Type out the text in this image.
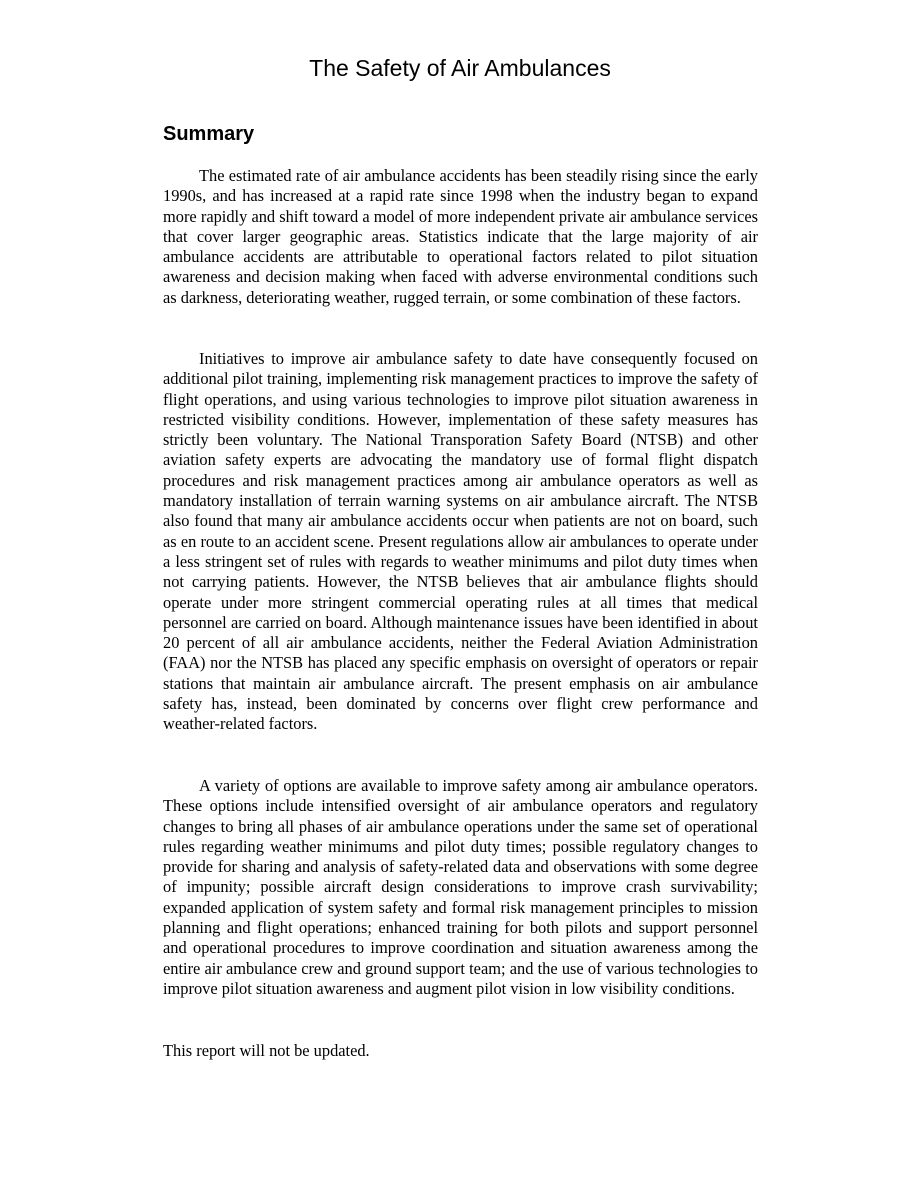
The Safety of Air Ambulances
Summary

The estimated rate of air ambulance accidents has been steadily rising since the early 1990s, and has increased at a rapid rate since 1998 when the industry began to expand more rapidly and shift toward a model of more independent private air ambulance services that cover larger geographic areas. Statistics indicate that the large majority of air ambulance accidents are attributable to operational factors related to pilot situation awareness and decision making when faced with adverse environmental conditions such as darkness, deteriorating weather, rugged terrain, or some combination of these factors.

Initiatives to improve air ambulance safety to date have consequently focused on additional pilot training, implementing risk management practices to improve the safety of flight operations, and using various technologies to improve pilot situation awareness in restricted visibility conditions. However, implementation of these safety measures has strictly been voluntary. The National Transporation Safety Board (NTSB) and other aviation safety experts are advocating the mandatory use of formal flight dispatch procedures and risk management practices among air ambulance operators as well as mandatory installation of terrain warning systems on air ambulance aircraft. The NTSB also found that many air ambulance accidents occur when patients are not on board, such as en route to an accident scene. Present regulations allow air ambulances to operate under a less stringent set of rules with regards to weather minimums and pilot duty times when not carrying patients. However, the NTSB believes that air ambulance flights should operate under more stringent commercial operating rules at all times that medical personnel are carried on board. Although maintenance issues have been identified in about 20 percent of all air ambulance accidents, neither the Federal Aviation Administration (FAA) nor the NTSB has placed any specific emphasis on oversight of operators or repair stations that maintain air ambulance aircraft. The present emphasis on air ambulance safety has, instead, been dominated by concerns over flight crew performance and weather-related factors.

A variety of options are available to improve safety among air ambulance operators. These options include intensified oversight of air ambulance operators and regulatory changes to bring all phases of air ambulance operations under the same set of operational rules regarding weather minimums and pilot duty times; possible regulatory changes to provide for sharing and analysis of safety-related data and observations with some degree of impunity; possible aircraft design considerations to improve crash survivability; expanded application of system safety and formal risk management principles to mission planning and flight operations; enhanced training for both pilots and support personnel and operational procedures to improve coordination and situation awareness among the entire air ambulance crew and ground support team; and the use of various technologies to improve pilot situation awareness and augment pilot vision in low visibility conditions.

This report will not be updated.
